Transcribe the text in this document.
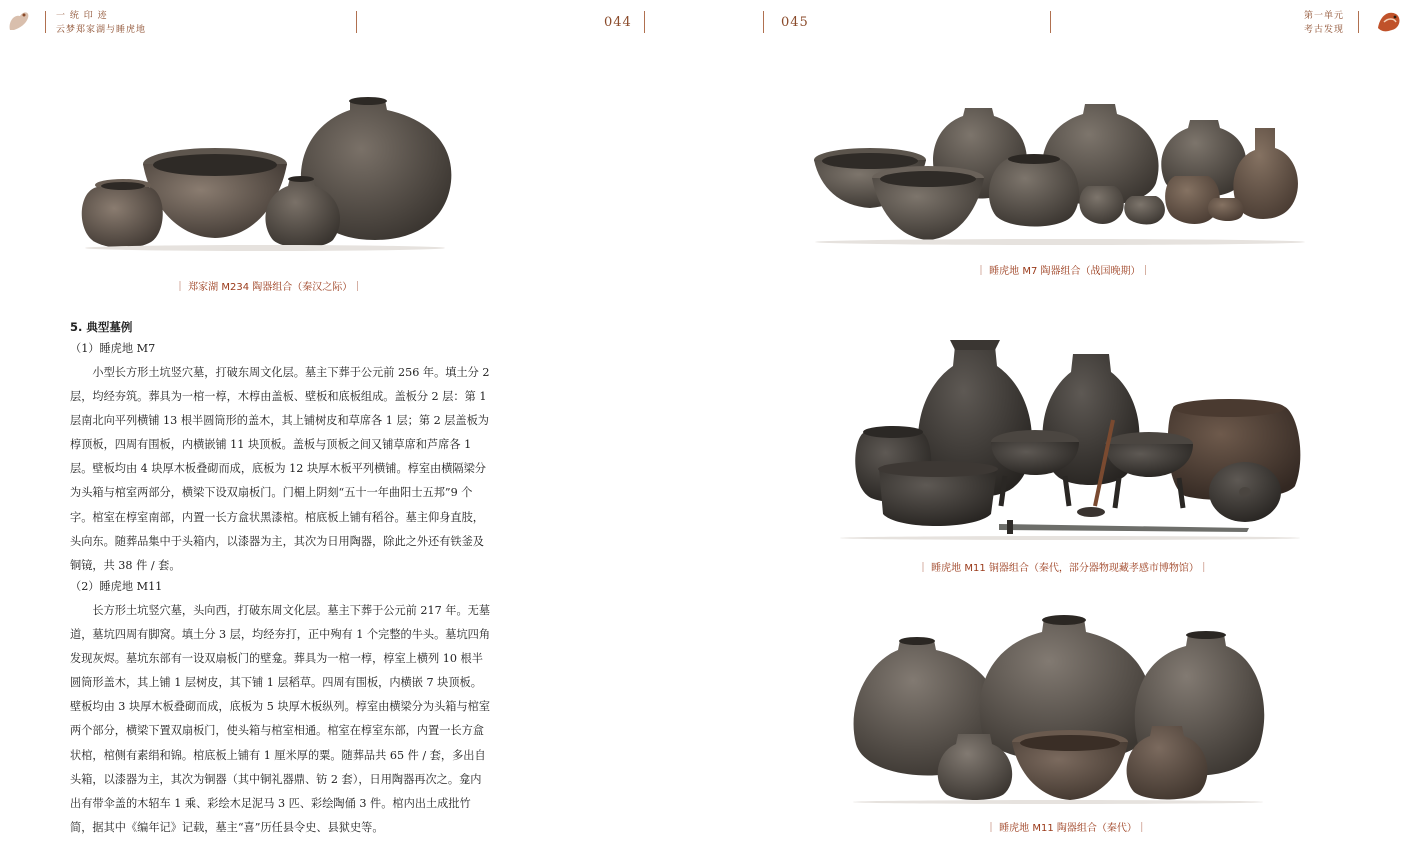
一 统 印 迹
云梦郑家湖与睡虎地	044	045	第一单元
考古发现
｜ 郑家湖 M234 陶器组合（秦汉之际）｜
｜ 睡虎地 M7 陶器组合（战国晚期）｜
5. 典型墓例
（1）睡虎地 M7

小型长方形土坑竖穴墓，打破东周文化层。墓主下葬于公元前 256 年。填土分 2 层，均经夯筑。葬具为一棺一椁，木椁由盖板、壁板和底板组成。盖板分 2 层：第 1 层南北向平列横铺 13 根半圆筒形的盖木，其上铺树皮和草席各 1 层；第 2 层盖板为椁顶板，四周有围板，内横嵌铺 11 块顶板。盖板与顶板之间又铺草席和芦席各 1 层。壁板均由 4 块厚木板叠砌而成，底板为 12 块厚木板平列横铺。椁室由横隔梁分为头箱与棺室两部分，横梁下设双扇板门。门楣上阴刻“五十一年曲阳士五邦”9 个字。棺室在椁室南部，内置一长方盒状黑漆棺。棺底板上铺有稻谷。墓主仰身直肢，头向东。随葬品集中于头箱内，以漆器为主，其次为日用陶器，除此之外还有铁釜及铜镜，共 38 件 / 套。

（2）睡虎地 M11

长方形土坑竖穴墓，头向西，打破东周文化层。墓主下葬于公元前 217 年。无墓道，墓坑四周有脚窝。填土分 3 层，均经夯打，正中殉有 1 个完整的牛头。墓坑四角发现灰烬。墓坑东部有一设双扇板门的壁龛。葬具为一棺一椁，椁室上横列 10 根半圆筒形盖木，其上铺 1 层树皮，其下铺 1 层稻草。四周有围板，内横嵌 7 块顶板。壁板均由 3 块厚木板叠砌而成，底板为 5 块厚木板纵列。椁室由横梁分为头箱与棺室两个部分，横梁下置双扇板门，使头箱与棺室相通。棺室在椁室东部，内置一长方盒状棺，棺侧有素绢和锦。棺底板上铺有 1 厘米厚的粟。随葬品共 65 件 / 套，多出自头箱，以漆器为主，其次为铜器（其中铜礼器鼎、钫 2 套），日用陶器再次之。龛内出有带伞盖的木轺车 1 乘、彩绘木足泥马 3 匹、彩绘陶俑 3 件。棺内出土成批竹简，据其中《编年记》记载，墓主“喜”历任县令史、县狱史等。

｜ 睡虎地 M11 铜器组合（秦代，部分器物现藏孝感市博物馆）｜
｜ 睡虎地 M11 陶器组合（秦代）｜
